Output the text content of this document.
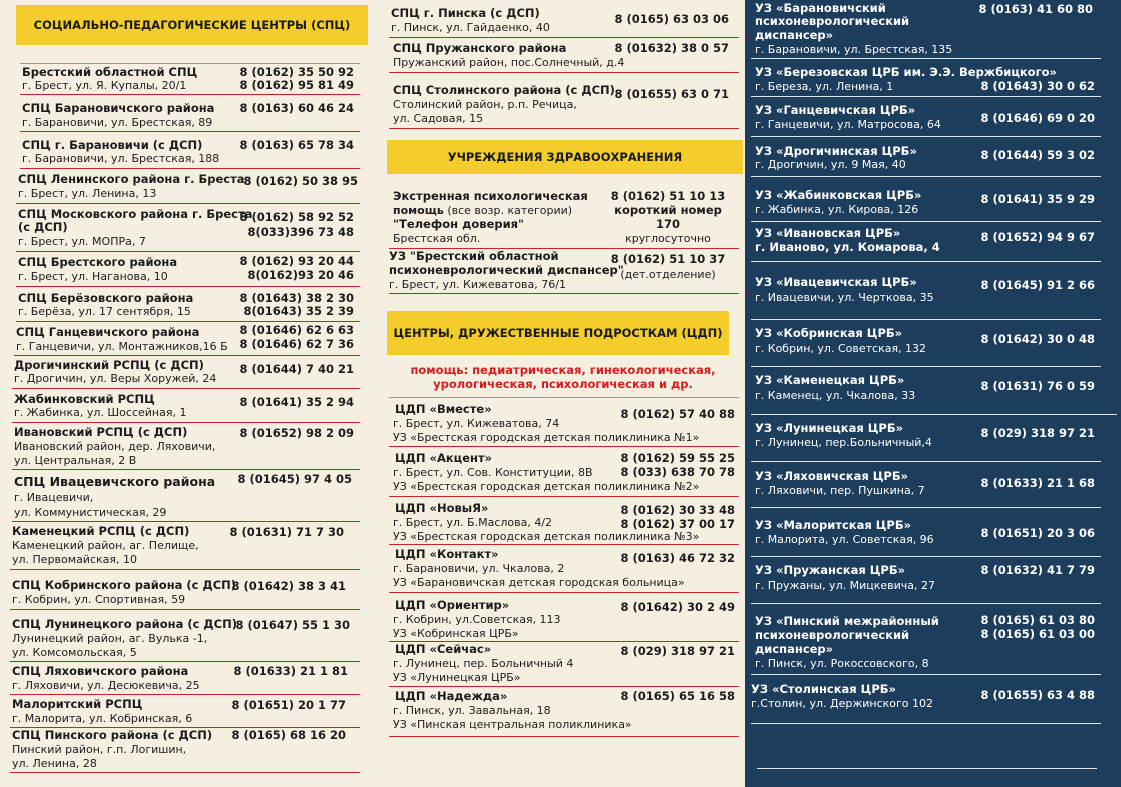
СОЦИАЛЬНО-ПЕДАГОГИЧЕСКИЕ ЦЕНТРЫ (СПЦ)
Брестский областной СПЦ
г. Брест, ул. Я. Купалы, 20/1
8 (0162) 35 50 92
8 (0162) 95 81 49
СПЦ Барановичского района
г. Барановичи, ул. Брестская, 89
8 (0163) 60 46 24
СПЦ г. Барановичи (с ДСП)
г. Барановичи, ул. Брестская, 188
8 (0163) 65 78 34
СПЦ Ленинского района г. Бреста
г. Брест, ул. Ленина, 13
8 (0162) 50 38 95
СПЦ Московского района г. Бреста
(с ДСП)
г. Брест, ул. МОПРа, 7
8 (0162) 58 92 52
8(033)396 73 48
СПЦ Брестского района
г. Брест, ул. Наганова, 10
8 (0162) 93 20 44
8(0162)93 20 46
СПЦ Берёзовского района
г. Берёза, ул. 17 сентября, 15
8 (01643) 38 2 30
8(01643) 35 2 39
СПЦ Ганцевичского района
г. Ганцевичи, ул. Монтажников,16 Б
8 (01646) 62 6 63
8 (01646) 62 7 36
Дрогичинский РСПЦ (с ДСП)
г. Дрогичин, ул. Веры Хоружей, 24
8 (01644) 7 40 21
Жабинковский РСПЦ
г. Жабинка, ул. Шоссейная, 1
8 (01641) 35 2 94
Ивановский РСПЦ (с ДСП)
Ивановский район, дер. Ляховичи,
ул. Центральная, 2 В
8 (01652) 98 2 09
СПЦ Ивацевичского района
г. Ивацевичи,
ул. Коммунистическая, 29
8 (01645) 97 4 05
Каменецкий РСПЦ (с ДСП)
Каменецкий район, аг. Пелище,
ул. Первомайская, 10
8 (01631) 71 7 30
СПЦ Кобринского района (с ДСП)
г. Кобрин, ул. Спортивная, 59
8 (01642) 38 3 41
СПЦ Лунинецкого района (с ДСП)
Лунинецкий район, аг. Вулька -1,
ул. Комсомольская, 5
8 (01647) 55 1 30
СПЦ Ляховичского района
г. Ляховичи, ул. Десюкевича, 25
8 (01633) 21 1 81
Малоритский РСПЦ
г. Малорита, ул. Кобринская, 6
8 (01651) 20 1 77
СПЦ Пинского района (с ДСП)
Пинский район, г.п. Логишин,
ул. Ленина, 28
8 (0165) 68 16 20
СПЦ г. Пинска (с ДСП)
г. Пинск, ул. Гайдаенко, 40
8 (0165) 63 03 06
СПЦ Пружанского района
Пружанский район, пос.Солнечный, д.4
8 (01632) 38 0 57
СПЦ Столинского района (с ДСП)
Столинский район, р.п. Речица,
ул. Садовая, 15
8 (01655) 63 0 71
УЧРЕЖДЕНИЯ ЗДРАВООХРАНЕНИЯ
Экстренная психологическая
помощь (все возр. категории)
"Телефон доверия"
Брестская обл.
8 (0162) 51 10 13
короткий номер
170
круглосуточно
УЗ "Брестский областной
психоневрологический диспансер"
г. Брест, ул. Кижеватова, 76/1
8 (0162) 51 10 37
(дет.отделение)
ЦЕНТРЫ, ДРУЖЕСТВЕННЫЕ ПОДРОСТКАМ (ЦДП)
помощь: педиатрическая, гинекологическая,
урологическая, психологическая и др.
ЦДП «Вместе»
г. Брест, ул. Кижеватова, 74
УЗ «Брестская городская детская поликлиника №1»
8 (0162) 57 40 88
ЦДП «Акцент»
г. Брест, ул. Сов. Конституции, 8В
УЗ «Брестская городская детская поликлиника №2»
8 (0162) 59 55 25
8 (033) 638 70 78
ЦДП «НовыЯ»
г. Брест, ул. Б.Маслова, 4/2
УЗ «Брестская городская детская поликлиника №3»
8 (0162) 30 33 48
8 (0162) 37 00 17
ЦДП «Контакт»
г. Барановичи, ул. Чкалова, 2
УЗ «Барановичская детская городская больница»
8 (0163) 46 72 32
ЦДП «Ориентир»
г. Кобрин, ул.Советская, 113
УЗ «Кобринская ЦРБ»
8 (01642) 30 2 49
ЦДП «Сейчас»
г. Лунинец, пер. Больничный 4
УЗ «Лунинецкая ЦРБ»
8 (029) 318 97 21
ЦДП «Надежда»
г. Пинск, ул. Завальная, 18
УЗ «Пинская центральная поликлиника»
8 (0165) 65 16 58
УЗ «Барановичский
психоневрологический
диспансер»
г. Барановичи, ул. Брестская, 135
8 (0163) 41 60 80
УЗ «Березовская ЦРБ им. Э.Э. Вержбицкого»
г. Береза, ул. Ленина, 1	8 (01643) 30 0 62
УЗ «Ганцевичская ЦРБ»
г. Ганцевичи, ул. Матросова, 64	8 (01646) 69 0 20
УЗ «Дрогичинская ЦРБ»
г. Дрогичин, ул. 9 Мая, 40
8 (01644) 59 3 02
УЗ «Жабинковская ЦРБ»
г. Жабинка, ул. Кирова, 126
8 (01641) 35 9 29
УЗ «Ивановская ЦРБ»
г. Иваново, ул. Комарова, 4
8 (01652) 94 9 67
УЗ «Ивацевичская ЦРБ»
г. Ивацевичи, ул. Черткова, 35
8 (01645) 91 2 66
УЗ «Кобринская ЦРБ»
г. Кобрин, ул. Советская, 132
8 (01642) 30 0 48
УЗ «Каменецкая ЦРБ»
г. Каменец, ул. Чкалова, 33
8 (01631) 76 0 59
УЗ «Лунинецкая ЦРБ»
г. Лунинец, пер.Больничный,4
8 (029) 318 97 21
УЗ «Ляховичская ЦРБ»
г. Ляховичи, пер. Пушкина, 7
8 (01633) 21 1 68
УЗ «Малоритская ЦРБ»
г. Малорита, ул. Советская, 96	8 (01651) 20 3 06
УЗ «Пружанская ЦРБ»
г. Пружаны, ул. Мицкевича, 27
8 (01632) 41 7 79
УЗ «Пинский межрайонный
психоневрологический
диспансер»
г. Пинск, ул. Рокоссовского, 8
8 (0165) 61 03 80
8 (0165) 61 03 00
УЗ «Столинская ЦРБ»
г.Столин, ул. Держинского 102
8 (01655) 63 4 88
